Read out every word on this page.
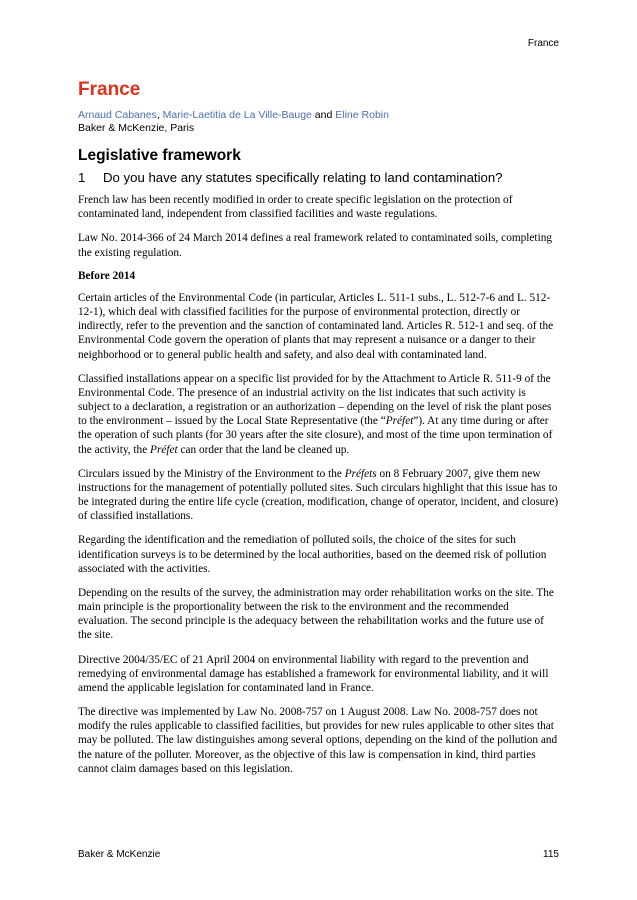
France
France
Arnaud Cabanes, Marie-Laetitia de La Ville-Bauge and Eline Robin
Baker & McKenzie, Paris
Legislative framework
1	Do you have any statutes specifically relating to land contamination?

French law has been recently modified in order to create specific legislation on the protection of contaminated land, independent from classified facilities and waste regulations.

Law No. 2014-366 of 24 March 2014 defines a real framework related to contaminated soils, completing the existing regulation.

Before 2014

Certain articles of the Environmental Code (in particular, Articles L. 511-1 subs., L. 512-7-6 and L. 512-12-1), which deal with classified facilities for the purpose of environmental protection, directly or indirectly, refer to the prevention and the sanction of contaminated land. Articles R. 512-1 and seq. of the Environmental Code govern the operation of plants that may represent a nuisance or a danger to their neighborhood or to general public health and safety, and also deal with contaminated land.

Classified installations appear on a specific list provided for by the Attachment to Article R. 511-9 of the Environmental Code. The presence of an industrial activity on the list indicates that such activity is subject to a declaration, a registration or an authorization – depending on the level of risk the plant poses to the environment – issued by the Local State Representative (the “Préfet”). At any time during or after the operation of such plants (for 30 years after the site closure), and most of the time upon termination of the activity, the Préfet can order that the land be cleaned up.

Circulars issued by the Ministry of the Environment to the Préfets on 8 February 2007, give them new instructions for the management of potentially polluted sites. Such circulars highlight that this issue has to be integrated during the entire life cycle (creation, modification, change of operator, incident, and closure) of classified installations.

Regarding the identification and the remediation of polluted soils, the choice of the sites for such identification surveys is to be determined by the local authorities, based on the deemed risk of pollution associated with the activities.

Depending on the results of the survey, the administration may order rehabilitation works on the site. The main principle is the proportionality between the risk to the environment and the recommended evaluation. The second principle is the adequacy between the rehabilitation works and the future use of the site.

Directive 2004/35/EC of 21 April 2004 on environmental liability with regard to the prevention and remedying of environmental damage has established a framework for environmental liability, and it will amend the applicable legislation for contaminated land in France.

The directive was implemented by Law No. 2008-757 on 1 August 2008. Law No. 2008-757 does not modify the rules applicable to classified facilities, but provides for new rules applicable to other sites that may be polluted. The law distinguishes among several options, depending on the kind of the pollution and the nature of the polluter. Moreover, as the objective of this law is compensation in kind, third parties cannot claim damages based on this legislation.

Baker & McKenzie	115
